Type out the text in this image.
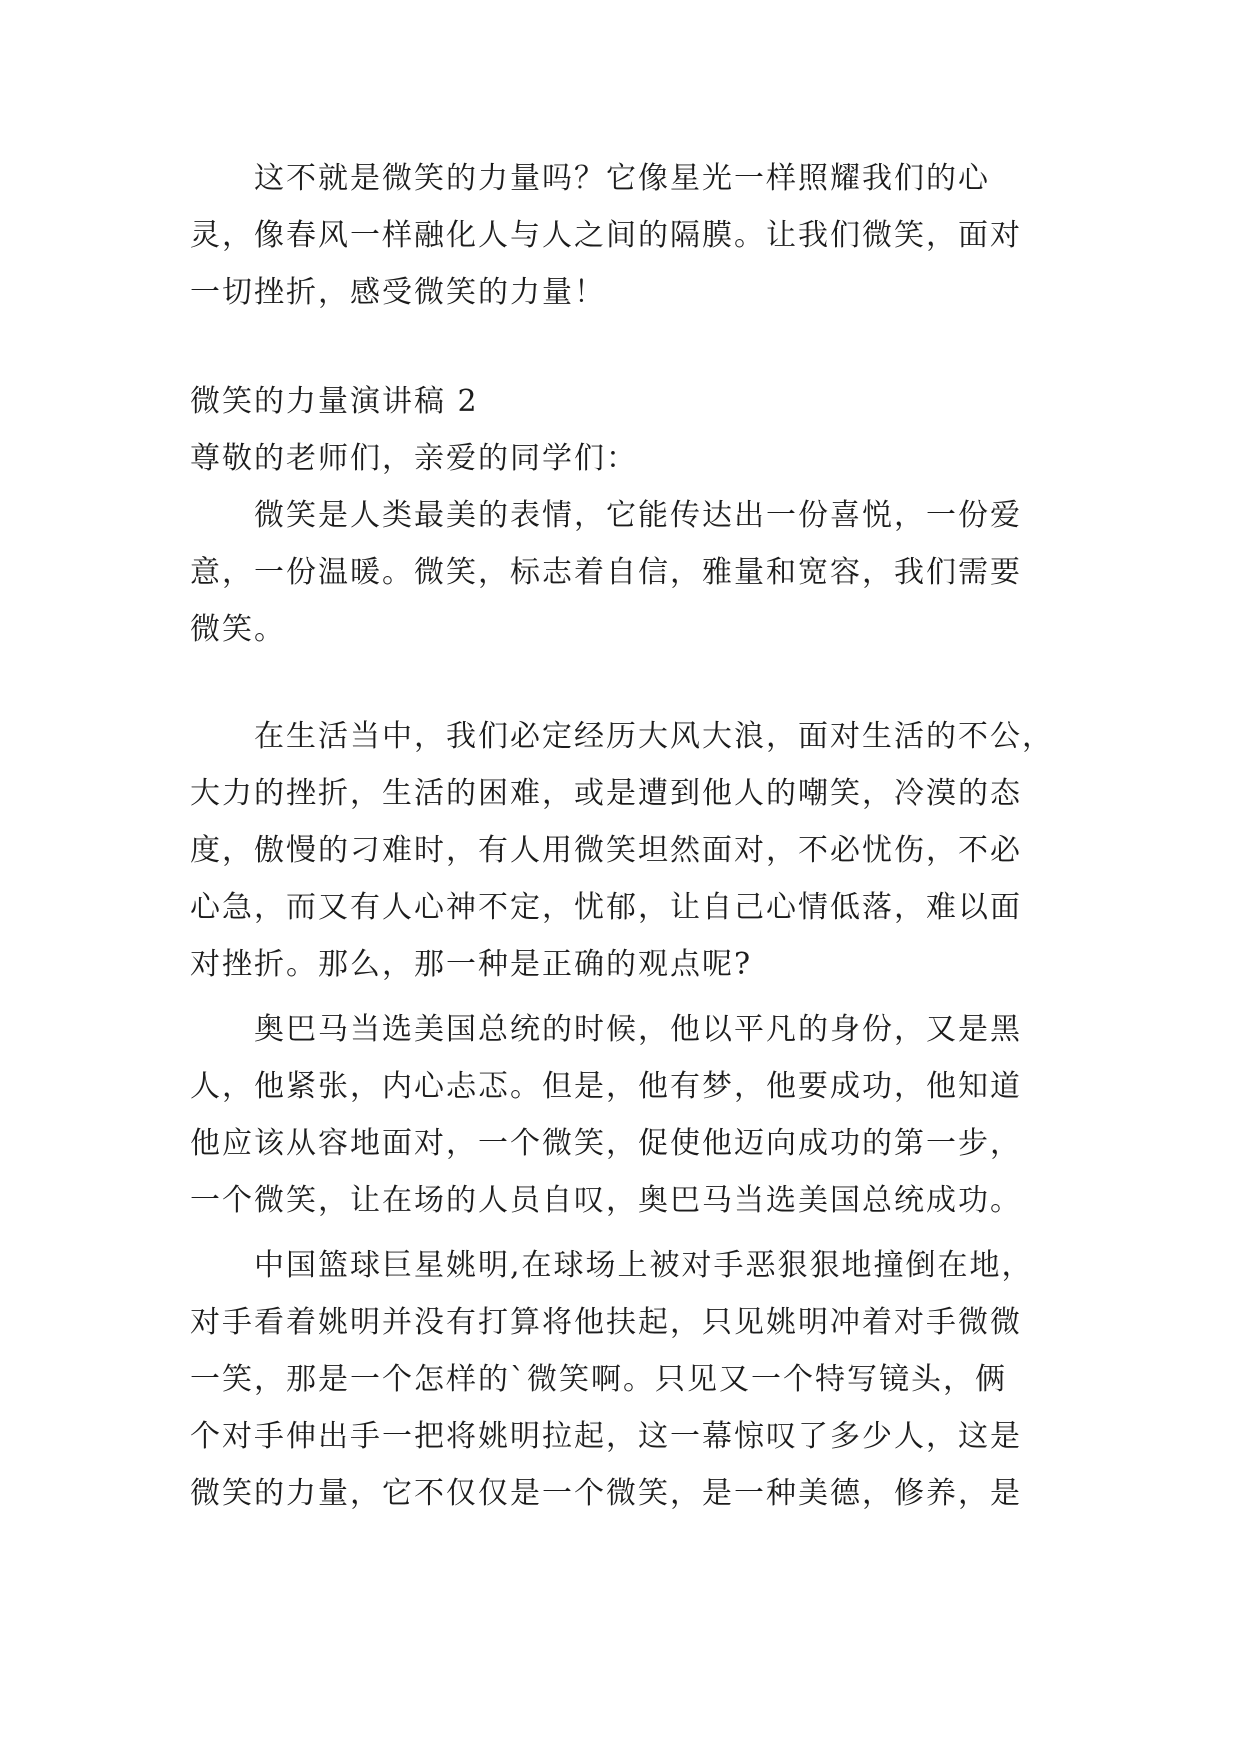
这不就是微笑的力量吗？它像星光一样照耀我们的心
灵，像春风一样融化人与人之间的隔膜。让我们微笑，面对
一切挫折，感受微笑的力量！

微笑的力量演讲稿 2

尊敬的老师们，亲爱的同学们：

微笑是人类最美的表情，它能传达出一份喜悦，一份爱
意，一份温暖。微笑，标志着自信，雅量和宽容，我们需要
微笑。

在生活当中，我们必定经历大风大浪，面对生活的不公，
大力的挫折，生活的困难，或是遭到他人的嘲笑，冷漠的态
度，傲慢的刁难时，有人用微笑坦然面对，不必忧伤，不必
心急，而又有人心神不定，忧郁，让自己心情低落，难以面
对挫折。那么，那一种是正确的观点呢?

奥巴马当选美国总统的时候，他以平凡的身份，又是黑
人，他紧张，内心忐忑。但是，他有梦，他要成功，他知道
他应该从容地面对，一个微笑，促使他迈向成功的第一步，
一个微笑，让在场的人员自叹，奥巴马当选美国总统成功。

中国篮球巨星姚明,在球场上被对手恶狠狠地撞倒在地，
对手看着姚明并没有打算将他扶起，只见姚明冲着对手微微
一笑，那是一个怎样的`微笑啊。只见又一个特写镜头，俩
个对手伸出手一把将姚明拉起，这一幕惊叹了多少人，这是
微笑的力量，它不仅仅是一个微笑，是一种美德，修养，是
